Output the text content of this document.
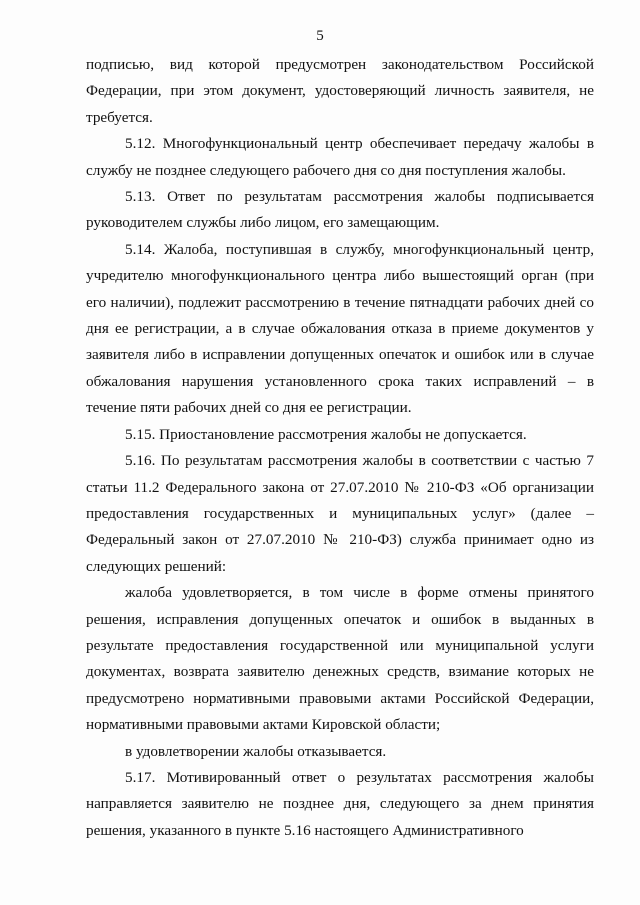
5

подписью, вид которой предусмотрен законодательством Российской Федерации, при этом документ, удостоверяющий личность заявителя, не требуется.

5.12. Многофункциональный центр обеспечивает передачу жалобы в службу не позднее следующего рабочего дня со дня поступления жалобы.

5.13. Ответ по результатам рассмотрения жалобы подписывается руководителем службы либо лицом, его замещающим.

5.14. Жалоба, поступившая в службу, многофункциональный центр, учредителю многофункционального центра либо вышестоящий орган (при его наличии), подлежит рассмотрению в течение пятнадцати рабочих дней со дня ее регистрации, а в случае обжалования отказа в приеме документов у заявителя либо в исправлении допущенных опечаток и ошибок или в случае обжалования нарушения установленного срока таких исправлений – в течение пяти рабочих дней со дня ее регистрации.

5.15. Приостановление рассмотрения жалобы не допускается.

5.16. По результатам рассмотрения жалобы в соответствии с частью 7 статьи 11.2 Федерального закона от 27.07.2010 № 210-ФЗ «Об организации предоставления государственных и муниципальных услуг» (далее – Федеральный закон от 27.07.2010 № 210-ФЗ) служба принимает одно из следующих решений:

жалоба удовлетворяется, в том числе в форме отмены принятого решения, исправления допущенных опечаток и ошибок в выданных в результате предоставления государственной или муниципальной услуги документах, возврата заявителю денежных средств, взимание которых не предусмотрено нормативными правовыми актами Российской Федерации, нормативными правовыми актами Кировской области;

в удовлетворении жалобы отказывается.

5.17. Мотивированный ответ о результатах рассмотрения жалобы направляется заявителю не позднее дня, следующего за днем принятия решения, указанного в пункте 5.16 настоящего Административного
